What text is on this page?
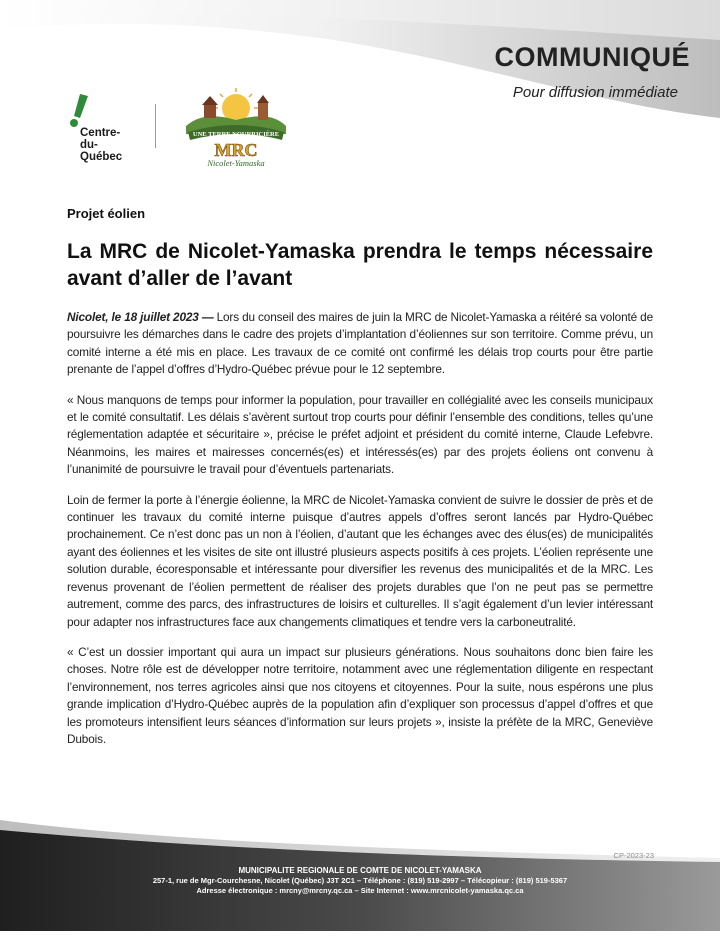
COMMUNIQUÉ
Pour diffusion immédiate
Centre-
du-
Québec
UNE TERRE NOURRICIÈRE
MRC
Nicolet-Yamaska
Projet éolien
La MRC de Nicolet-Yamaska prendra le temps nécessaire avant d’aller de l’avant

Nicolet, le 18 juillet 2023 — Lors du conseil des maires de juin la MRC de Nicolet-Yamaska a réitéré sa volonté de poursuivre les démarches dans le cadre des projets d’implantation d’éoliennes sur son territoire. Comme prévu, un comité interne a été mis en place. Les travaux de ce comité ont confirmé les délais trop courts pour être partie prenante de l’appel d’offres d’Hydro-Québec prévue pour le 12 septembre.

« Nous manquons de temps pour informer la population, pour travailler en collégialité avec les conseils municipaux et le comité consultatif. Les délais s’avèrent surtout trop courts pour définir l’ensemble des conditions, telles qu’une réglementation adaptée et sécuritaire », précise le préfet adjoint et président du comité interne, Claude Lefebvre. Néanmoins, les maires et mairesses concernés(es) et intéressés(es) par des projets éoliens ont convenu à l’unanimité de poursuivre le travail pour d’éventuels partenariats.

Loin de fermer la porte à l’énergie éolienne, la MRC de Nicolet-Yamaska convient de suivre le dossier de près et de continuer les travaux du comité interne puisque d’autres appels d’offres seront lancés par Hydro-Québec prochainement. Ce n’est donc pas un non à l’éolien, d’autant que les échanges avec des élus(es) de municipalités ayant des éoliennes et les visites de site ont illustré plusieurs aspects positifs à ces projets. L’éolien représente une solution durable, écoresponsable et intéressante pour diversifier les revenus des municipalités et de la MRC. Les revenus provenant de l’éolien permettent de réaliser des projets durables que l’on ne peut pas se permettre autrement, comme des parcs, des infrastructures de loisirs et culturelles. Il s’agit également d’un levier intéressant pour adapter nos infrastructures face aux changements climatiques et tendre vers la carboneutralité.

« C’est un dossier important qui aura un impact sur plusieurs générations. Nous souhaitons donc bien faire les choses. Notre rôle est de développer notre territoire, notamment avec une réglementation diligente en respectant l’environnement, nos terres agricoles ainsi que nos citoyens et citoyennes. Pour la suite, nous espérons une plus grande implication d’Hydro-Québec auprès de la population afin d’expliquer son processus d’appel d’offres et que les promoteurs intensifient leurs séances d’information sur leurs projets », insiste la préfète de la MRC, Geneviève Dubois.

CP-2023-23
MUNICIPALITE REGIONALE DE COMTE DE NICOLET-YAMASKA
257-1, rue de Mgr-Courchesne, Nicolet (Québec) J3T 2C1 – Téléphone : (819) 519-2997 – Télécopieur : (819) 519-5367
Adresse électronique : mrcny@mrcny.qc.ca – Site Internet : www.mrcnicolet-yamaska.qc.ca
